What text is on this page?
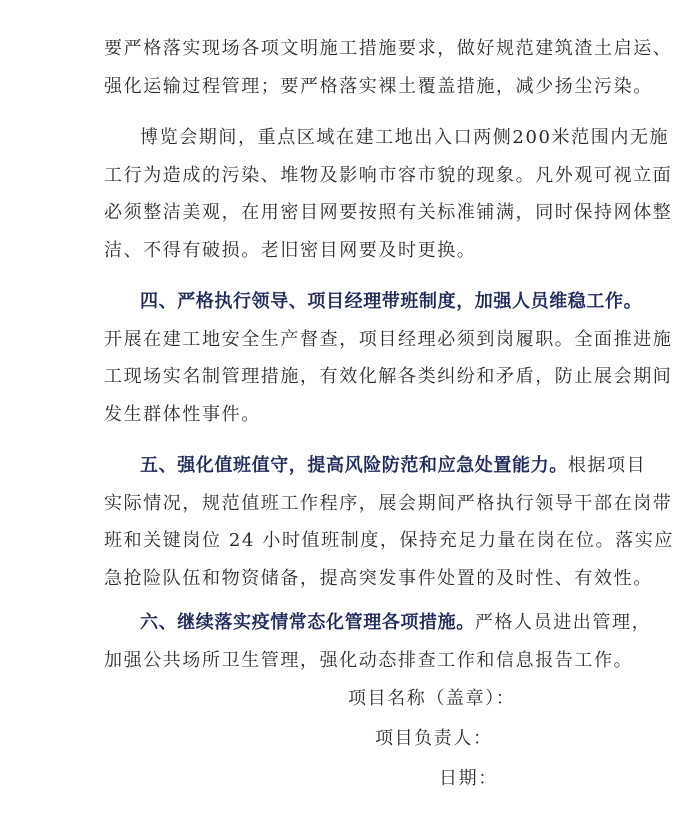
要严格落实现场各项文明施工措施要求，做好规范建筑渣土启运、
强化运输过程管理；要严格落实裸土覆盖措施，减少扬尘污染。
博览会期间，重点区域在建工地出入口两侧200米范围内无施
工行为造成的污染、堆物及影响市容市貌的现象。凡外观可视立面
必须整洁美观，在用密目网要按照有关标准铺满，同时保持网体整
洁、不得有破损。老旧密目网要及时更换。
四、严格执行领导、项目经理带班制度，加强人员维稳工作。
开展在建工地安全生产督查，项目经理必须到岗履职。全面推进施
工现场实名制管理措施，有效化解各类纠纷和矛盾，防止展会期间
发生群体性事件。
五、强化值班值守，提高风险防范和应急处置能力。根据项目
实际情况，规范值班工作程序，展会期间严格执行领导干部在岗带
班和关键岗位 24 小时值班制度，保持充足力量在岗在位。落实应
急抢险队伍和物资储备，提高突发事件处置的及时性、有效性。
六、继续落实疫情常态化管理各项措施。严格人员进出管理，
加强公共场所卫生管理，强化动态排查工作和信息报告工作。
项目名称（盖章）：
项目负责人：
日期：
